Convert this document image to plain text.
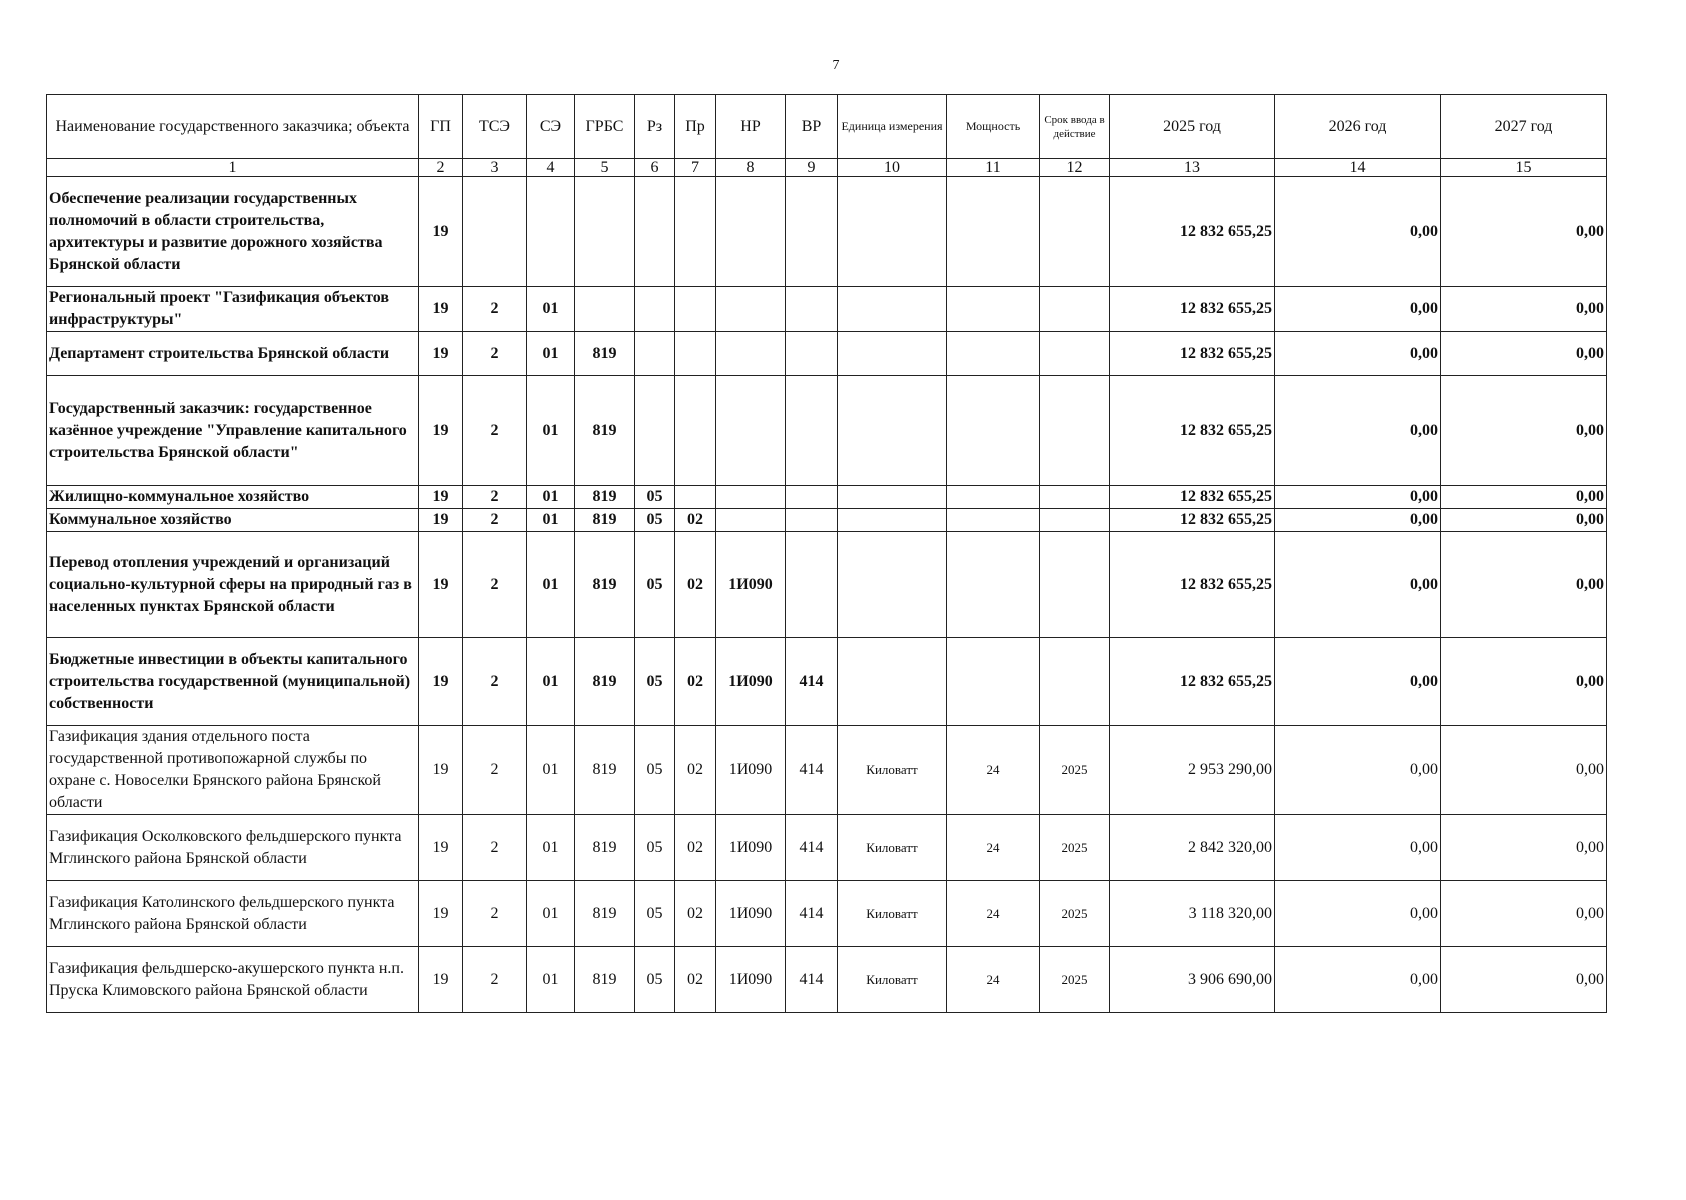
7
Наименование государственного заказчика; объекта	ГП	ТСЭ	СЭ	ГРБС	Рз	Пр	НР	ВР	Единица измерения	Мощность	Срок ввода в действие	2025 год	2026 год	2027 год
1	2	3	4	5	6	7	8	9	10	11	12	13	14	15
Обеспечение реализации государственных полномочий в области строительства, архитектуры и развитие дорожного хозяйства Брянской области	19											12 832 655,25	0,00	0,00
Региональный проект "Газификация объектов инфраструктуры"	19	2	01									12 832 655,25	0,00	0,00
Департамент строительства Брянской области	19	2	01	819								12 832 655,25	0,00	0,00
Государственный заказчик: государственное казённое учреждение "Управление капитального строительства Брянской области"	19	2	01	819								12 832 655,25	0,00	0,00
Жилищно-коммунальное хозяйство	19	2	01	819	05							12 832 655,25	0,00	0,00
Коммунальное хозяйство	19	2	01	819	05	02						12 832 655,25	0,00	0,00
Перевод отопления учреждений и организаций социально-культурной сферы на природный газ в населенных пунктах Брянской области	19	2	01	819	05	02	1И090					12 832 655,25	0,00	0,00
Бюджетные инвестиции в объекты капитального строительства государственной (муниципальной) собственности	19	2	01	819	05	02	1И090	414				12 832 655,25	0,00	0,00
Газификация здания отдельного поста государственной противопожарной службы по охране с. Новоселки Брянского района Брянской области	19	2	01	819	05	02	1И090	414	Киловатт	24	2025	2 953 290,00	0,00	0,00
Газификация Осколковского фельдшерского пункта Мглинского района Брянской области	19	2	01	819	05	02	1И090	414	Киловатт	24	2025	2 842 320,00	0,00	0,00
Газификация Католинского фельдшерского пункта Мглинского района Брянской области	19	2	01	819	05	02	1И090	414	Киловатт	24	2025	3 118 320,00	0,00	0,00
Газификация фельдшерско-акушерского пункта н.п. Пруска Климовского района Брянской области	19	2	01	819	05	02	1И090	414	Киловатт	24	2025	3 906 690,00	0,00	0,00
